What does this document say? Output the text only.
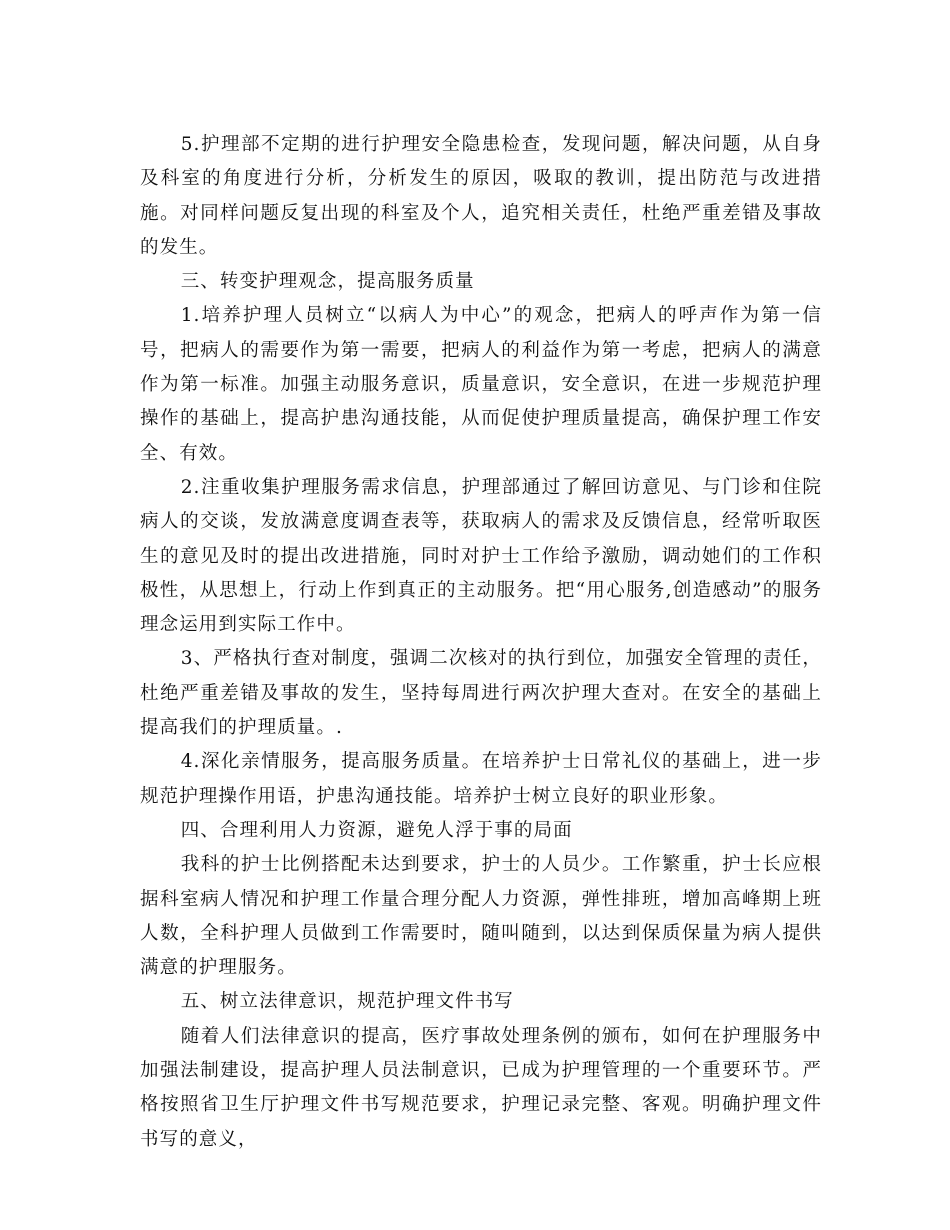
5.护理部不定期的进行护理安全隐患检查，发现问题，解决问题，从自身及科室的角度进行分析，分析发生的原因，吸取的教训，提出防范与改进措施。对同样问题反复出现的科室及个人，追究相关责任，杜绝严重差错及事故的发生。

三、转变护理观念，提高服务质量

1.培养护理人员树立“以病人为中心”的观念，把病人的呼声作为第一信号，把病人的需要作为第一需要，把病人的利益作为第一考虑，把病人的满意作为第一标准。加强主动服务意识，质量意识，安全意识，在进一步规范护理操作的基础上，提高护患沟通技能，从而促使护理质量提高，确保护理工作安全、有效。

2.注重收集护理服务需求信息，护理部通过了解回访意见、与门诊和住院病人的交谈，发放满意度调查表等，获取病人的需求及反馈信息，经常听取医生的意见及时的提出改进措施，同时对护士工作给予激励，调动她们的工作积极性，从思想上，行动上作到真正的主动服务。把“用心服务,创造感动”的服务理念运用到实际工作中。

3、严格执行查对制度，强调二次核对的执行到位，加强安全管理的责任，杜绝严重差错及事故的发生，坚持每周进行两次护理大查对。在安全的基础上提高我们的护理质量。.

4.深化亲情服务，提高服务质量。在培养护士日常礼仪的基础上，进一步规范护理操作用语，护患沟通技能。培养护士树立良好的职业形象。

四、合理利用人力资源，避免人浮于事的局面

我科的护士比例搭配未达到要求，护士的人员少。工作繁重，护士长应根据科室病人情况和护理工作量合理分配人力资源，弹性排班，增加高峰期上班人数，全科护理人员做到工作需要时，随叫随到，以达到保质保量为病人提供满意的护理服务。

五、树立法律意识，规范护理文件书写

随着人们法律意识的提高，医疗事故处理条例的颁布，如何在护理服务中加强法制建设，提高护理人员法制意识，已成为护理管理的一个重要环节。严格按照省卫生厅护理文件书写规范要求，护理记录完整、客观。明确护理文件书写的意义，
